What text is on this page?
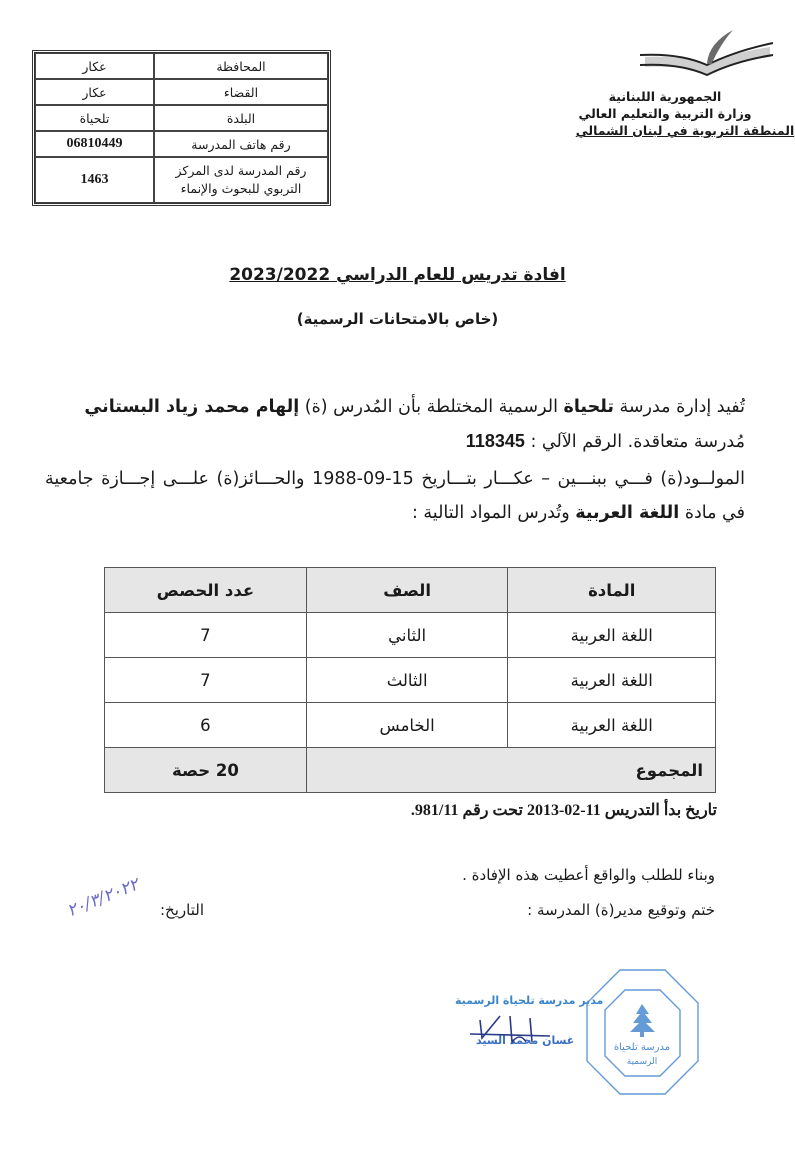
الجمهورية اللبنانية
وزارة التربية والتعليم العالي
المنطقة التربوية في لبنان الشمالي
المحافظة	عكار
القضاء	عكار
البلدة	تلحياة
رقم هاتف المدرسة	06810449
رقم المدرسة لدى المركز التربوي للبحوث والإنماء	1463
افادة تدريس للعام الدراسي 2023/2022
(خاص بالامتحانات الرسمية)
تُفيد إدارة مدرسة تلحياة الرسمية المختلطة بأن المُدرس (ة) إلهام محمد زياد البستاني
مُدرسة متعاقدة. الرقم الآلي : 118345
المولــود(ة) فـــي ببنـــين – عكـــار بتـــاريخ 15-09-1988 والحـــائز(ة) علـــى إجـــازة جامعية في مادة اللغة العربية وتُدرس المواد التالية :
المادة	الصف	عدد الحصص
اللغة العربية	الثاني	7
اللغة العربية	الثالث	7
اللغة العربية	الخامس	6
المجموع		20 حصة
تاريخ بدأ التدريس 11-02-2013 تحت رقم 981/11.
وبناء للطلب والواقع أعطيت هذه الإفادة .
ختم وتوقيع مدير(ة) المدرسة :
التاريخ:
٢٠/٣/٢٠٢٢
مدير مدرسة تلحياة الرسمية
غسان محمد السيد
مدرسة تلحياة
الرسمية
